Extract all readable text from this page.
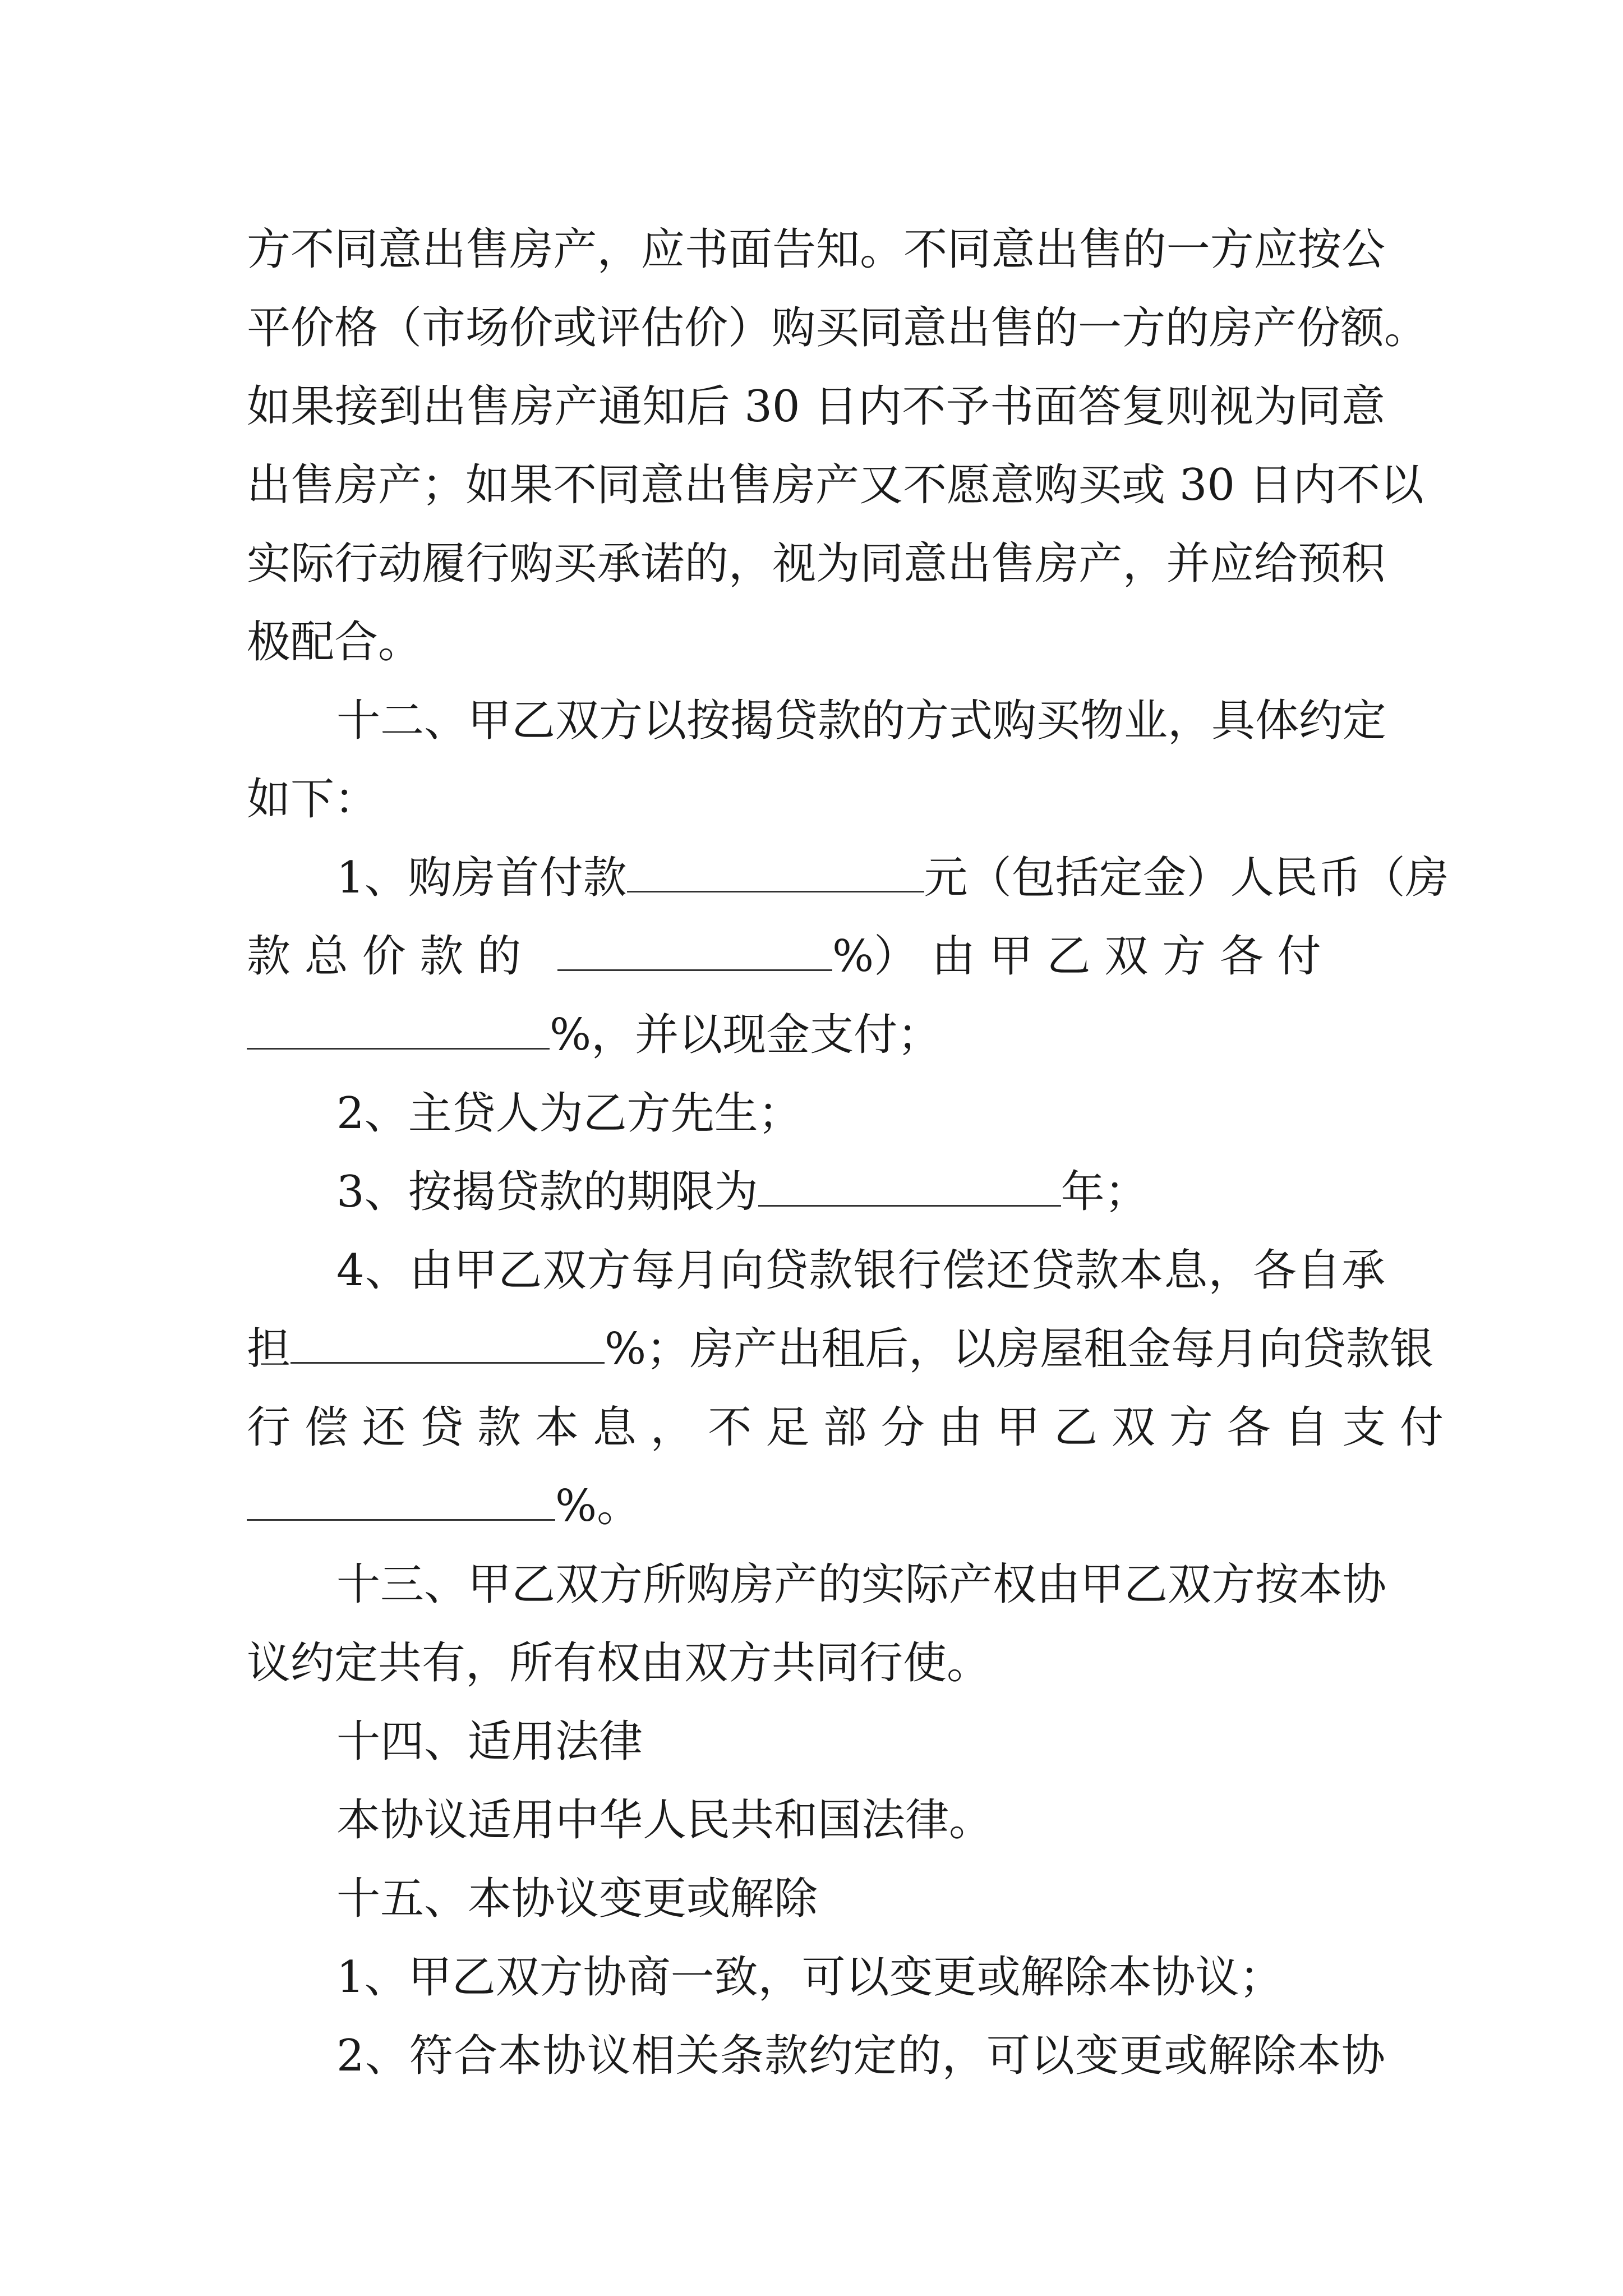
方不同意出售房产，应书面告知。不同意出售的一方应按公
平价格（市场价或评估价）购买同意出售的一方的房产份额。
如果接到出售房产通知后 30 日内不予书面答复则视为同意
出售房产；如果不同意出售房产又不愿意购买或 30 日内不以
实际行动履行购买承诺的，视为同意出售房产，并应给预积
极配合。
十二、甲乙双方以按揭贷款的方式购买物业，具体约定
如下：
1、购房首付款	元（包括定金）人民币（房
款 总 价 款 的	%） 由 甲 乙 双 方 各 付
%，并以现金支付；
2、主贷人为乙方先生；
3、按揭贷款的期限为	年；
4、由甲乙双方每月向贷款银行偿还贷款本息，各自承
担	%；房产出租后，以房屋租金每月向贷款银
行 偿 还 贷 款 本 息 ， 不 足 部 分 由 甲 乙 双 方 各 自 支 付
%。
十三、甲乙双方所购房产的实际产权由甲乙双方按本协
议约定共有，所有权由双方共同行使。
十四、适用法律
本协议适用中华人民共和国法律。
十五、本协议变更或解除
1、甲乙双方协商一致，可以变更或解除本协议；
2、符合本协议相关条款约定的，可以变更或解除本协
